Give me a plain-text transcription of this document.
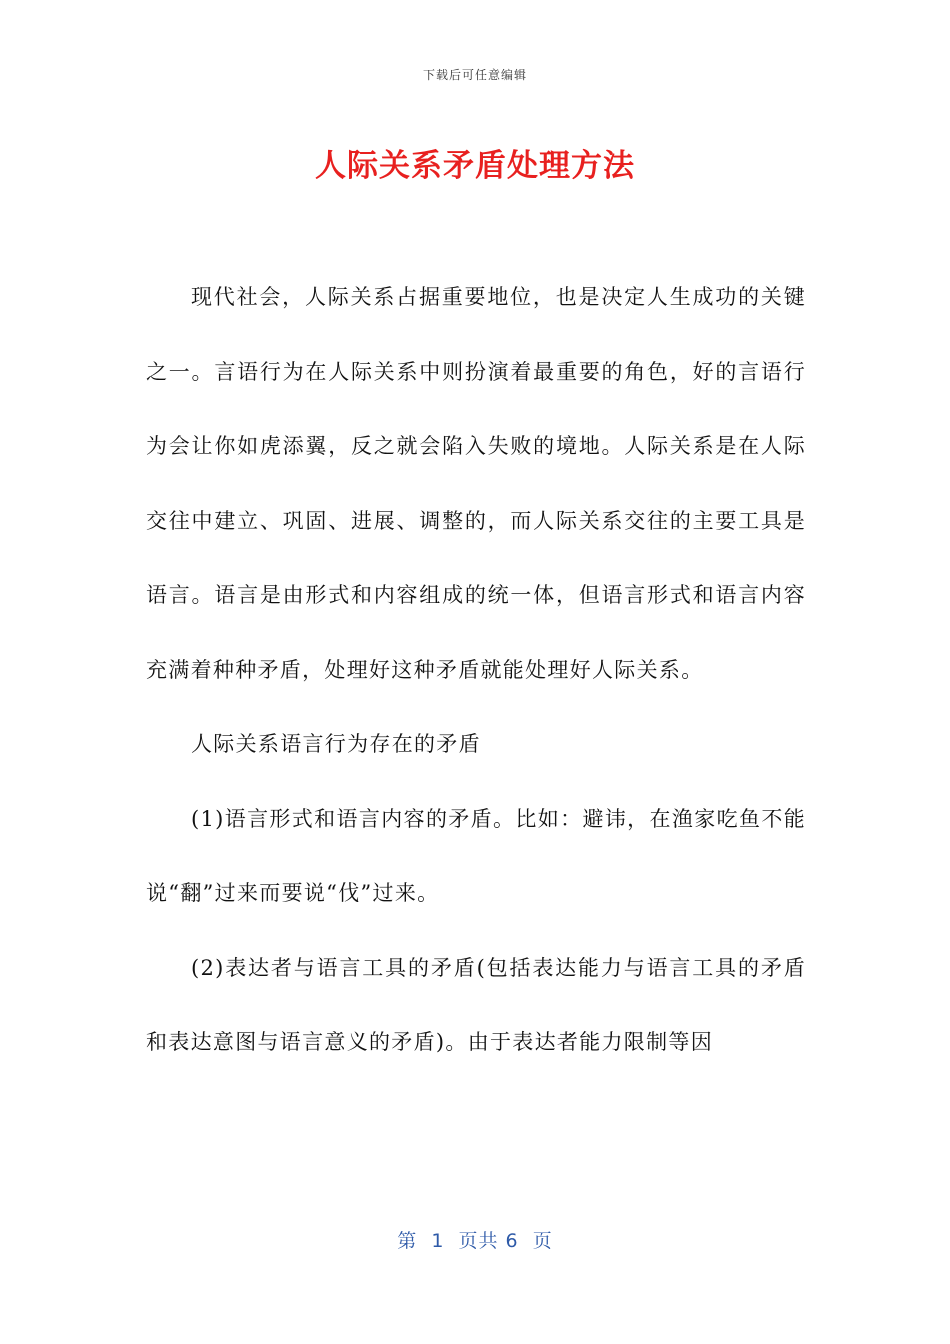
下载后可任意编辑
人际关系矛盾处理方法

现代社会，人际关系占据重要地位，也是决定人生成功的关键之一。言语行为在人际关系中则扮演着最重要的角色，好的言语行为会让你如虎添翼，反之就会陷入失败的境地。人际关系是在人际交往中建立、巩固、进展、调整的，而人际关系交往的主要工具是语言。语言是由形式和内容组成的统一体，但语言形式和语言内容充满着种种矛盾，处理好这种矛盾就能处理好人际关系。

人际关系语言行为存在的矛盾

(1)语言形式和语言内容的矛盾。比如：避讳，在渔家吃鱼不能说“翻”过来而要说“伐”过来。

(2)表达者与语言工具的矛盾(包括表达能力与语言工具的矛盾和表达意图与语言意义的矛盾)。由于表达者能力限制等因

第  1  页共 6  页
